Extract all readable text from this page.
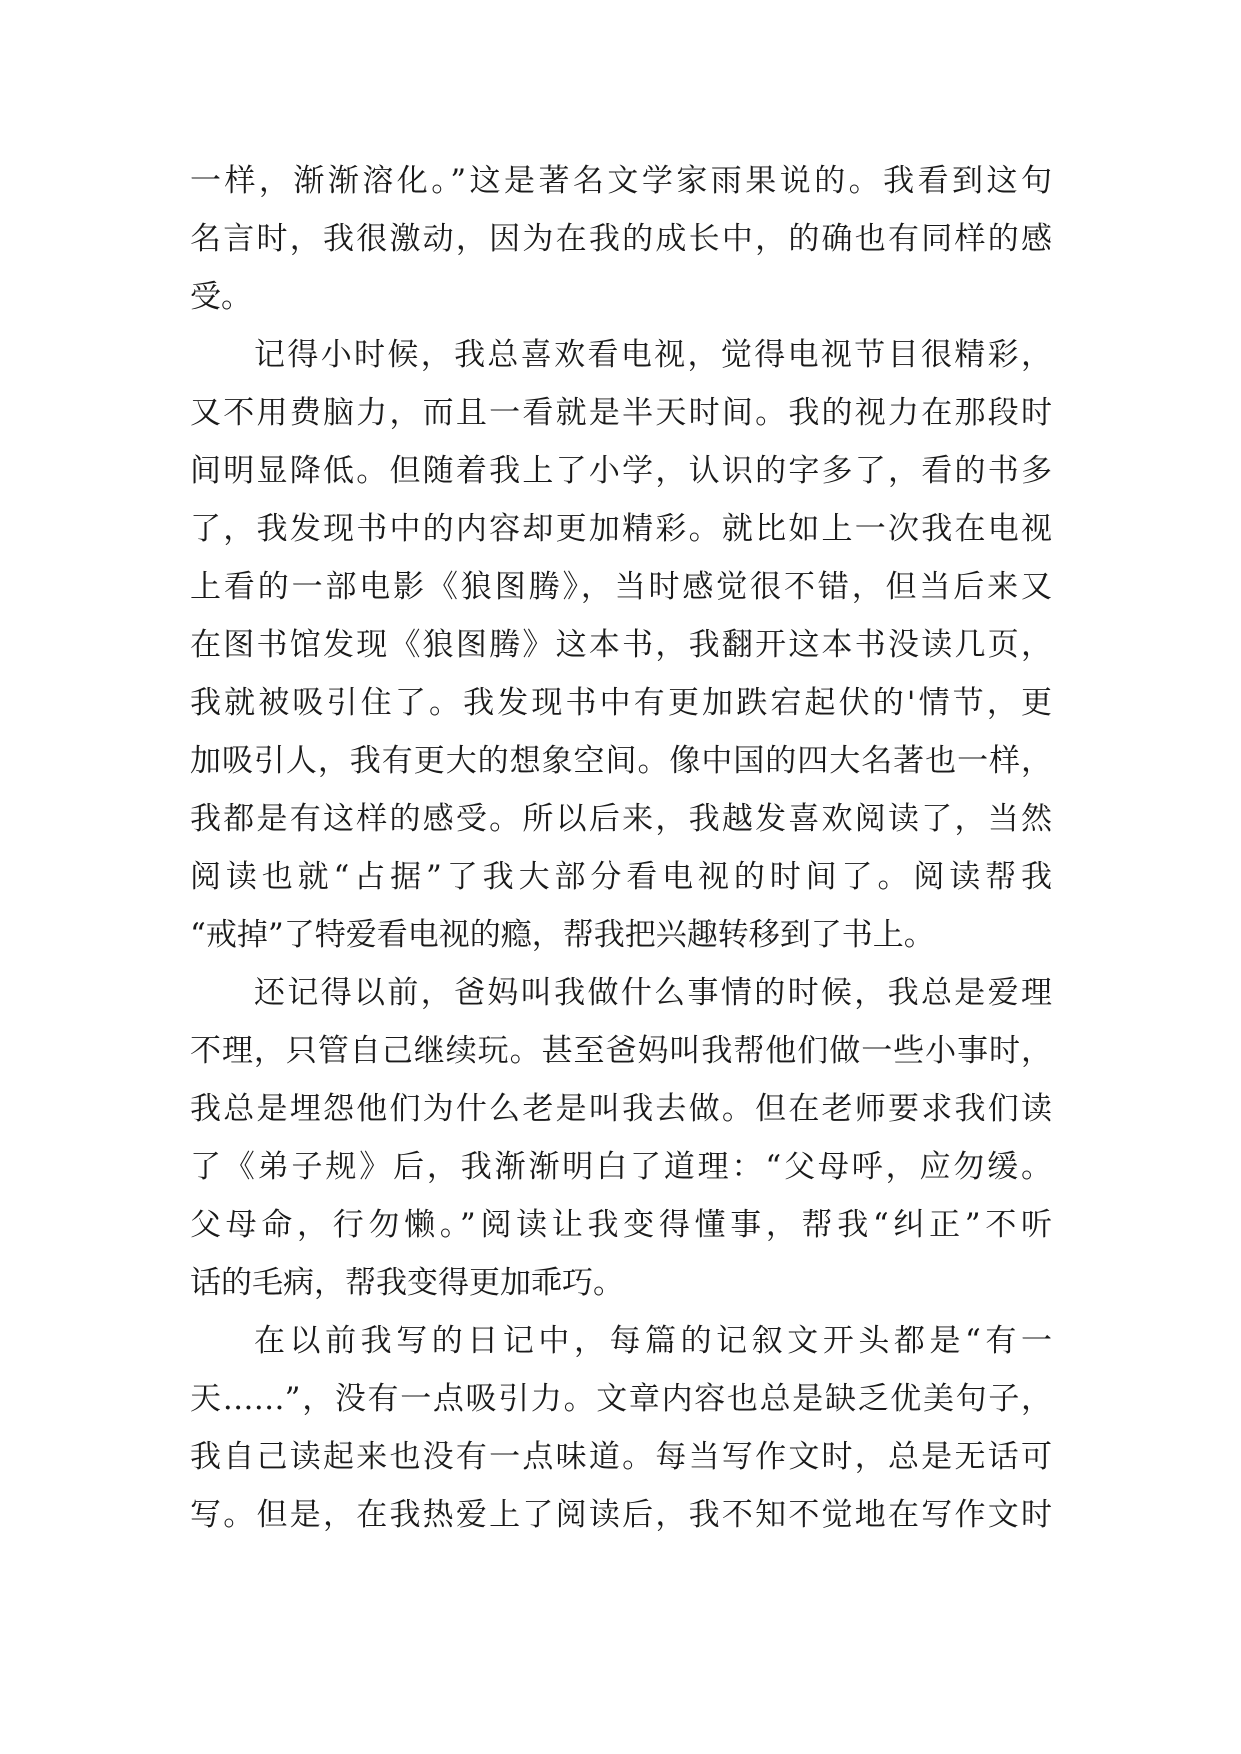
一样，渐渐溶化。”这是著名文学家雨果说的。我看到这句
名言时，我很激动，因为在我的成长中，的确也有同样的感
受。
记得小时候，我总喜欢看电视，觉得电视节目很精彩，
又不用费脑力，而且一看就是半天时间。我的视力在那段时
间明显降低。但随着我上了小学，认识的字多了，看的书多
了，我发现书中的内容却更加精彩。就比如上一次我在电视
上看的一部电影《狼图腾》，当时感觉很不错，但当后来又
在图书馆发现《狼图腾》这本书，我翻开这本书没读几页，
我就被吸引住了。我发现书中有更加跌宕起伏的'情节，更
加吸引人，我有更大的想象空间。像中国的四大名著也一样，
我都是有这样的感受。所以后来，我越发喜欢阅读了，当然
阅读也就“占据”了我大部分看电视的时间了。阅读帮我
“戒掉”了特爱看电视的瘾，帮我把兴趣转移到了书上。
还记得以前，爸妈叫我做什么事情的时候，我总是爱理
不理，只管自己继续玩。甚至爸妈叫我帮他们做一些小事时，
我总是埋怨他们为什么老是叫我去做。但在老师要求我们读
了《弟子规》后，我渐渐明白了道理：“父母呼，应勿缓。
父母命，行勿懒。”阅读让我变得懂事，帮我“纠正”不听
话的毛病，帮我变得更加乖巧。
在以前我写的日记中，每篇的记叙文开头都是“有一
天……”，没有一点吸引力。文章内容也总是缺乏优美句子，
我自己读起来也没有一点味道。每当写作文时，总是无话可
写。但是，在我热爱上了阅读后，我不知不觉地在写作文时
